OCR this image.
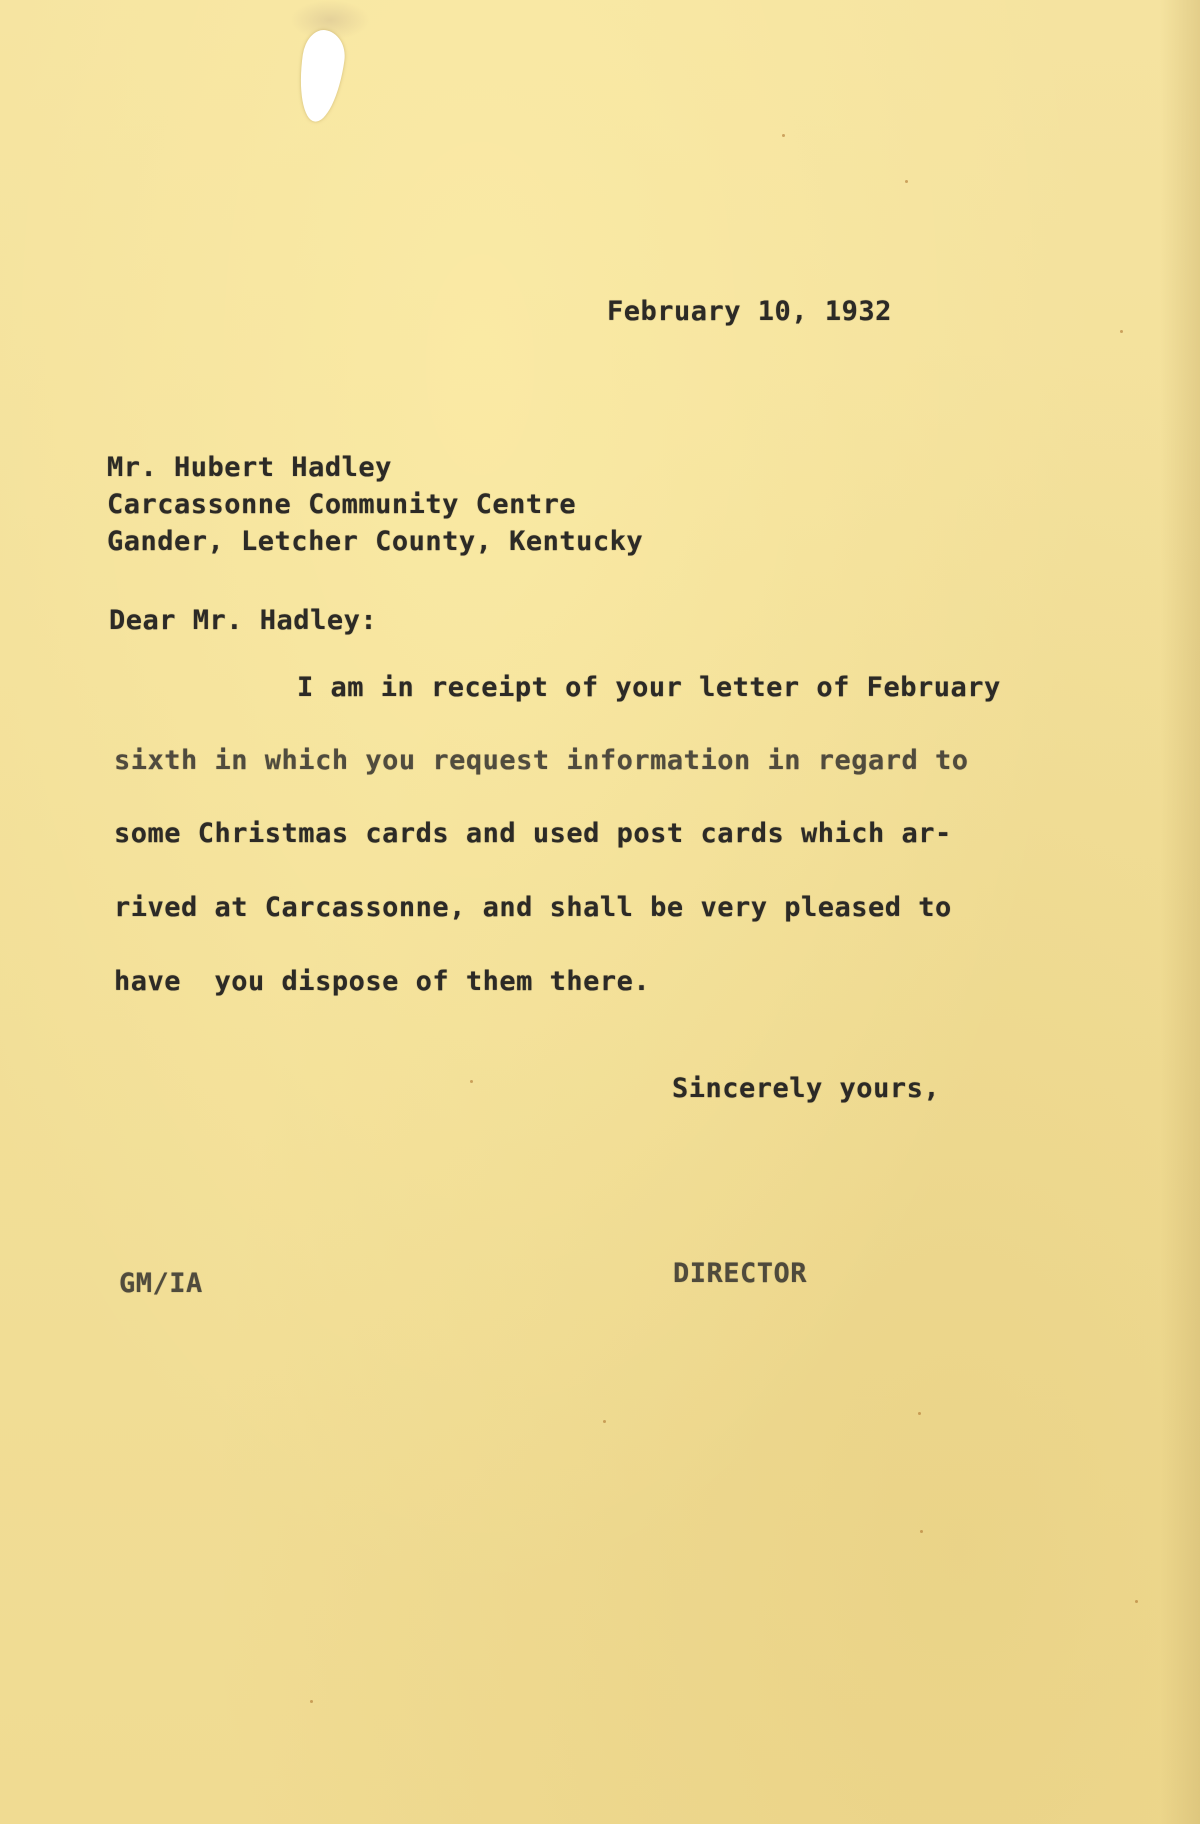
February 10, 1932

Mr. Hubert Hadley

Carcassonne Community Centre

Gander, Letcher County, Kentucky

Dear Mr. Hadley:

I am in receipt of your letter of February

sixth in which you request information in regard to

some Christmas cards and used post cards which ar-

rived at Carcassonne, and shall be very pleased to

have  you dispose of them there.

Sincerely yours,

GM/IA	DIRECTOR
